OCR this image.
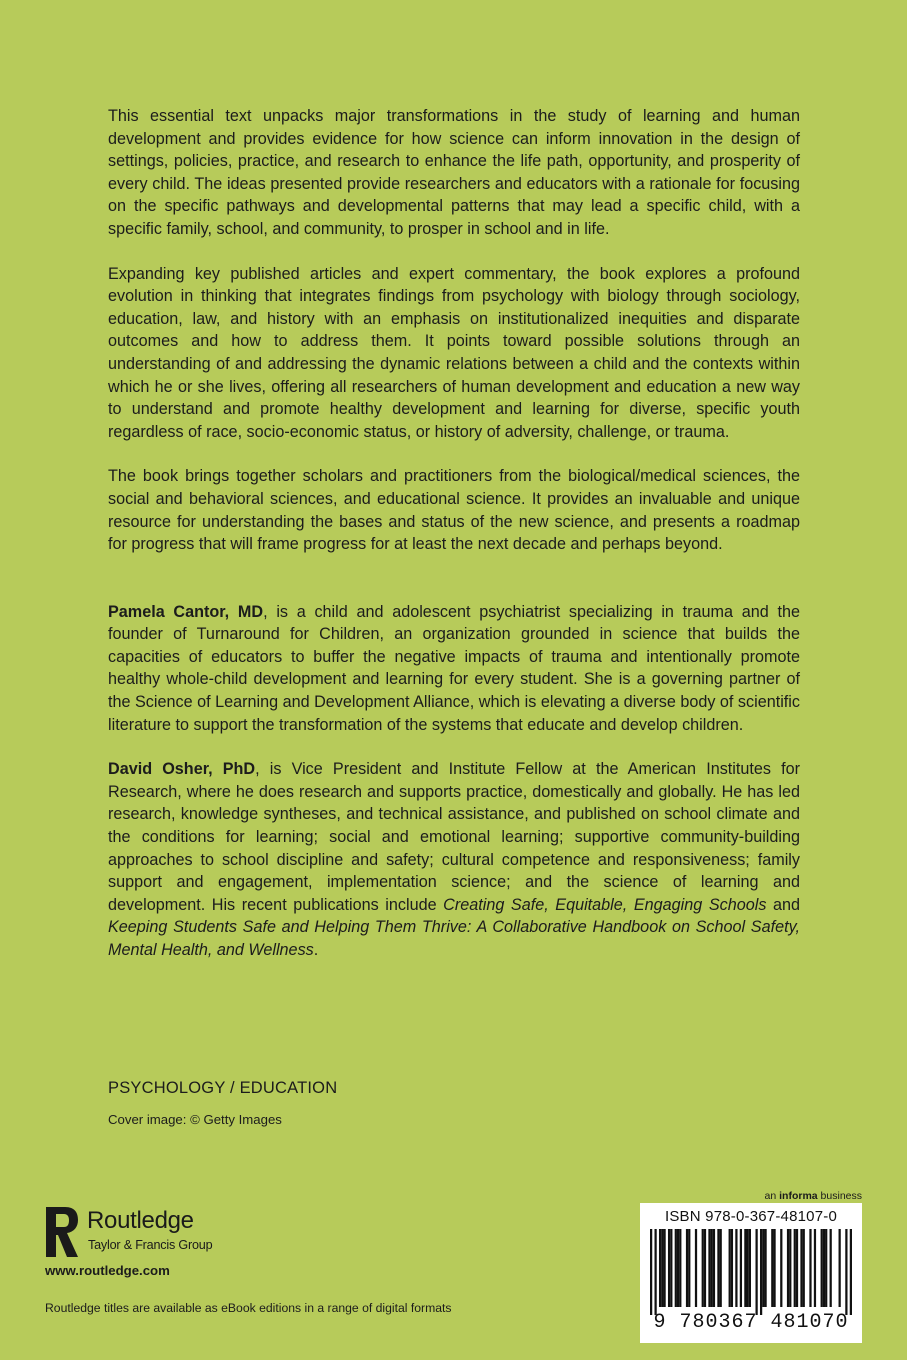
This essential text unpacks major transformations in the study of learning and human development and provides evidence for how science can inform innovation in the design of settings, policies, practice, and research to enhance the life path, opportunity, and prosperity of every child. The ideas presented provide researchers and educators with a rationale for focusing on the specific pathways and developmental patterns that may lead a specific child, with a specific family, school, and community, to prosper in school and in life.

Expanding key published articles and expert commentary, the book explores a profound evolution in thinking that integrates findings from psychology with biology through sociology, education, law, and history with an emphasis on institutionalized inequities and disparate outcomes and how to address them. It points toward possible solutions through an understanding of and addressing the dynamic relations between a child and the contexts within which he or she lives, offering all researchers of human development and education a new way to understand and promote healthy development and learning for diverse, specific youth regardless of race, socio-economic status, or history of adversity, challenge, or trauma.

The book brings together scholars and practitioners from the biological/medical sciences, the social and behavioral sciences, and educational science. It provides an invaluable and unique resource for understanding the bases and status of the new science, and presents a roadmap for progress that will frame progress for at least the next decade and perhaps beyond.

Pamela Cantor, MD, is a child and adolescent psychiatrist specializing in trauma and the founder of Turnaround for Children, an organization grounded in science that builds the capacities of educators to buffer the negative impacts of trauma and intentionally promote healthy whole-child development and learning for every student. She is a governing partner of the Science of Learning and Development Alliance, which is elevating a diverse body of scientific literature to support the transformation of the systems that educate and develop children.

David Osher, PhD, is Vice President and Institute Fellow at the American Institutes for Research, where he does research and supports practice, domestically and globally. He has led research, knowledge syntheses, and technical assistance, and published on school climate and the conditions for learning; social and emotional learning; supportive community-building approaches to school discipline and safety; cultural competence and responsiveness; family support and engagement, implementation science; and the science of learning and development. His recent publications include Creating Safe, Equitable, Engaging Schools and Keeping Students Safe and Helping Them Thrive: A Collaborative Handbook on School Safety, Mental Health, and Wellness.

PSYCHOLOGY / EDUCATION
Cover image: © Getty Images
Routledge
Taylor & Francis Group
www.routledge.com
Routledge titles are available as eBook editions in a range of digital formats
an informa business
ISBN 978-0-367-48107-0
9 780367 481070
